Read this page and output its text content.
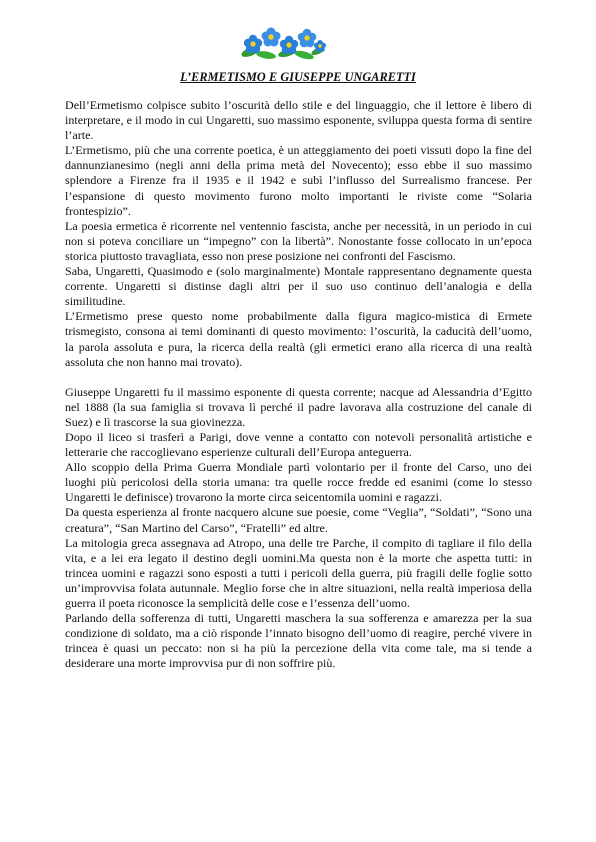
L’ERMETISMO E GIUSEPPE UNGARETTI

Dell’Ermetismo colpisce subito l’oscurità dello stile e del linguaggio, che il lettore è libero di interpretare, e il modo in cui Ungaretti, suo massimo esponente, sviluppa questa forma di sentire l’arte.

L’Ermetismo, più che una corrente poetica, è un atteggiamento dei poeti vissuti dopo la fine del dannunzianesimo (negli anni della prima metà del Novecento); esso ebbe il suo massimo splendore a Firenze fra il 1935 e il 1942 e subì l’influsso del Surrealismo francese. Per l’espansione di questo movimento furono molto importanti le riviste come “Solaria frontespizio”.

La poesia ermetica è ricorrente nel ventennio fascista, anche per necessità, in un periodo in cui non si poteva conciliare un “impegno” con la libertà”. Nonostante fosse collocato in un’epoca storica piuttosto travagliata, esso non prese posizione nei confronti del Fascismo.

Saba, Ungaretti, Quasimodo e (solo marginalmente) Montale rappresentano degnamente questa corrente. Ungaretti si distinse dagli altri per il suo uso continuo dell’analogia e della similitudine.

L’Ermetismo prese questo nome probabilmente dalla figura magico-mistica di Ermete trismegisto, consona ai temi dominanti di questo movimento: l’oscurità, la caducità dell’uomo, la parola assoluta e pura, la ricerca della realtà (gli ermetici erano alla ricerca di una realtà assoluta che non hanno mai trovato).

Giuseppe Ungaretti fu il massimo esponente di questa corrente; nacque ad Alessandria d’Egitto nel 1888 (la sua famiglia si trovava lì perché il padre lavorava alla costruzione del canale di Suez) e lì trascorse la sua giovinezza.

Dopo il liceo si trasferì a Parigi, dove venne a contatto con notevoli personalità artistiche e letterarie che raccoglievano esperienze culturali dell’Europa anteguerra.

Allo scoppio della Prima Guerra Mondiale partì volontario per il fronte del Carso, uno dei luoghi più pericolosi della storia umana: tra quelle rocce fredde ed esanimi (come lo stesso Ungaretti le definisce) trovarono la morte circa seicentomila uomini e ragazzi.

Da questa esperienza al fronte nacquero alcune sue poesie, come “Veglia”, “Soldati”, “Sono una creatura”, “San Martino del Carso”, “Fratelli” ed altre.

La mitologia greca assegnava ad Atropo, una delle tre Parche, il compito di tagliare il filo della vita, e a lei era legato il destino degli uomini.Ma questa non è la morte che aspetta tutti: in trincea uomini e ragazzi sono esposti a tutti i pericoli della guerra, più fragili delle foglie sotto un’improvvisa folata autunnale. Meglio forse che in altre situazioni, nella realtà imperiosa della guerra il poeta riconosce la semplicità delle cose e l’essenza dell’uomo.

Parlando della sofferenza di tutti, Ungaretti maschera la sua sofferenza e amarezza per la sua condizione di soldato, ma a ciò risponde l’innato bisogno dell’uomo di reagire, perché vivere in trincea è quasi un peccato: non si ha più la percezione della vita come tale, ma si tende a desiderare una morte improvvisa pur di non soffrire più.
